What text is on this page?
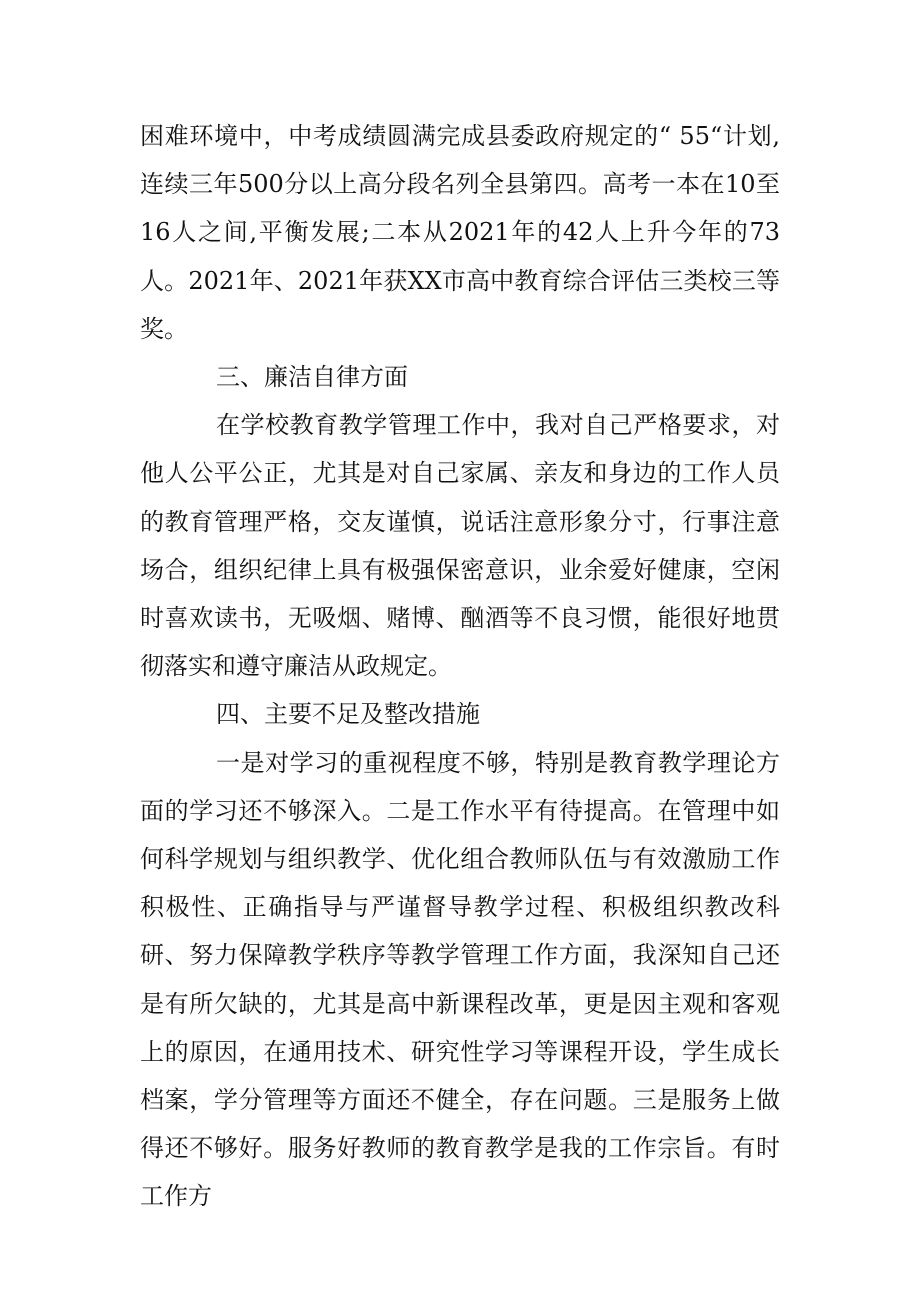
困难环境中，中考成绩圆满完成县委政府规定的“ 55“计划,连续三年500分以上高分段名列全县第四。高考一本在10至16人之间,平衡发展;二本从2021年的42人上升今年的73人。2021年、2021年获XX市高中教育综合评估三类校三等奖。

三、廉洁自律方面

在学校教育教学管理工作中，我对自己严格要求，对他人公平公正，尤其是对自己家属、亲友和身边的工作人员的教育管理严格，交友谨慎，说话注意形象分寸，行事注意场合，组织纪律上具有极强保密意识，业余爱好健康，空闲时喜欢读书，无吸烟、赌博、酗酒等不良习惯，能很好地贯彻落实和遵守廉洁从政规定。

四、主要不足及整改措施

一是对学习的重视程度不够，特别是教育教学理论方面的学习还不够深入。二是工作水平有待提高。在管理中如何科学规划与组织教学、优化组合教师队伍与有效激励工作积极性、正确指导与严谨督导教学过程、积极组织教改科研、努力保障教学秩序等教学管理工作方面，我深知自己还是有所欠缺的，尤其是高中新课程改革，更是因主观和客观上的原因，在通用技术、研究性学习等课程开设，学生成长档案，学分管理等方面还不健全，存在问题。三是服务上做得还不够好。服务好教师的教育教学是我的工作宗旨。有时工作方
